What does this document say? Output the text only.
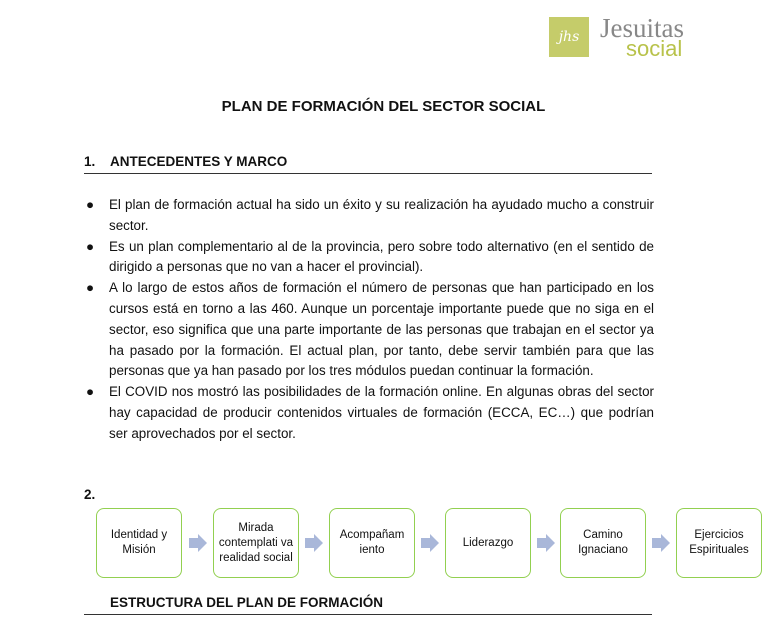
jhs Jesuitas
social
PLAN DE FORMACIÓN DEL SECTOR SOCIAL
1. ANTECEDENTES Y MARCO
● El plan de formación actual ha sido un éxito y su realización ha ayudado mucho a construir sector.
● Es un plan complementario al de la provincia, pero sobre todo alternativo (en el sentido de dirigido a personas que no van a hacer el provincial).
● A lo largo de estos años de formación el número de personas que han participado en los cursos está en torno a las 460. Aunque un porcentaje importante puede que no siga en el sector, eso significa que una parte importante de las personas que trabajan en el sector ya ha pasado por la formación. El actual plan, por tanto, debe servir también para que las personas que ya han pasado por los tres módulos puedan continuar la formación.
● El COVID nos mostró las posibilidades de la formación online. En algunas obras del sector hay capacidad de producir contenidos virtuales de formación (ECCA, EC…) que podrían ser aprovechados por el sector.
2.
Identidad y Misión
Mirada contemplati va realidad social
Acompañam iento
Liderazgo
Camino Ignaciano
Ejercicios Espirituales
ESTRUCTURA DEL PLAN DE FORMACIÓN
